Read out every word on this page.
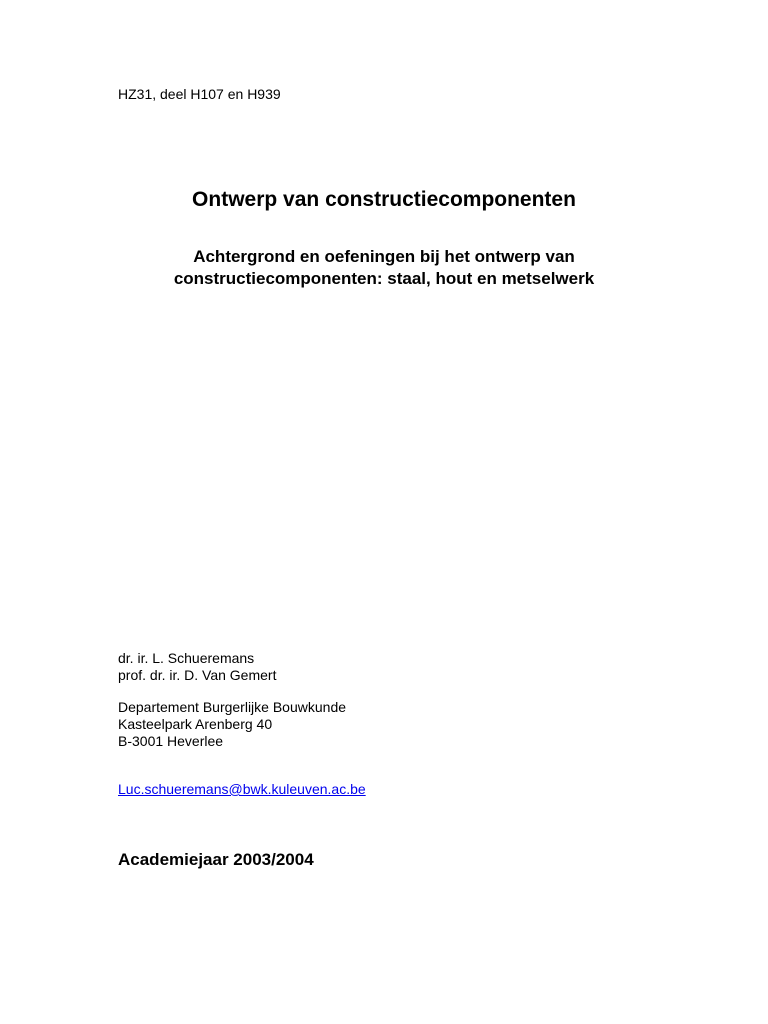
HZ31, deel H107 en H939
Ontwerp van constructiecomponenten
Achtergrond en oefeningen bij het ontwerp van
constructiecomponenten: staal, hout en metselwerk
dr. ir. L. Schueremans
prof. dr. ir. D. Van Gemert
Departement Burgerlijke Bouwkunde
Kasteelpark Arenberg 40
B-3001 Heverlee
Luc.schueremans@bwk.kuleuven.ac.be
Academiejaar 2003/2004
